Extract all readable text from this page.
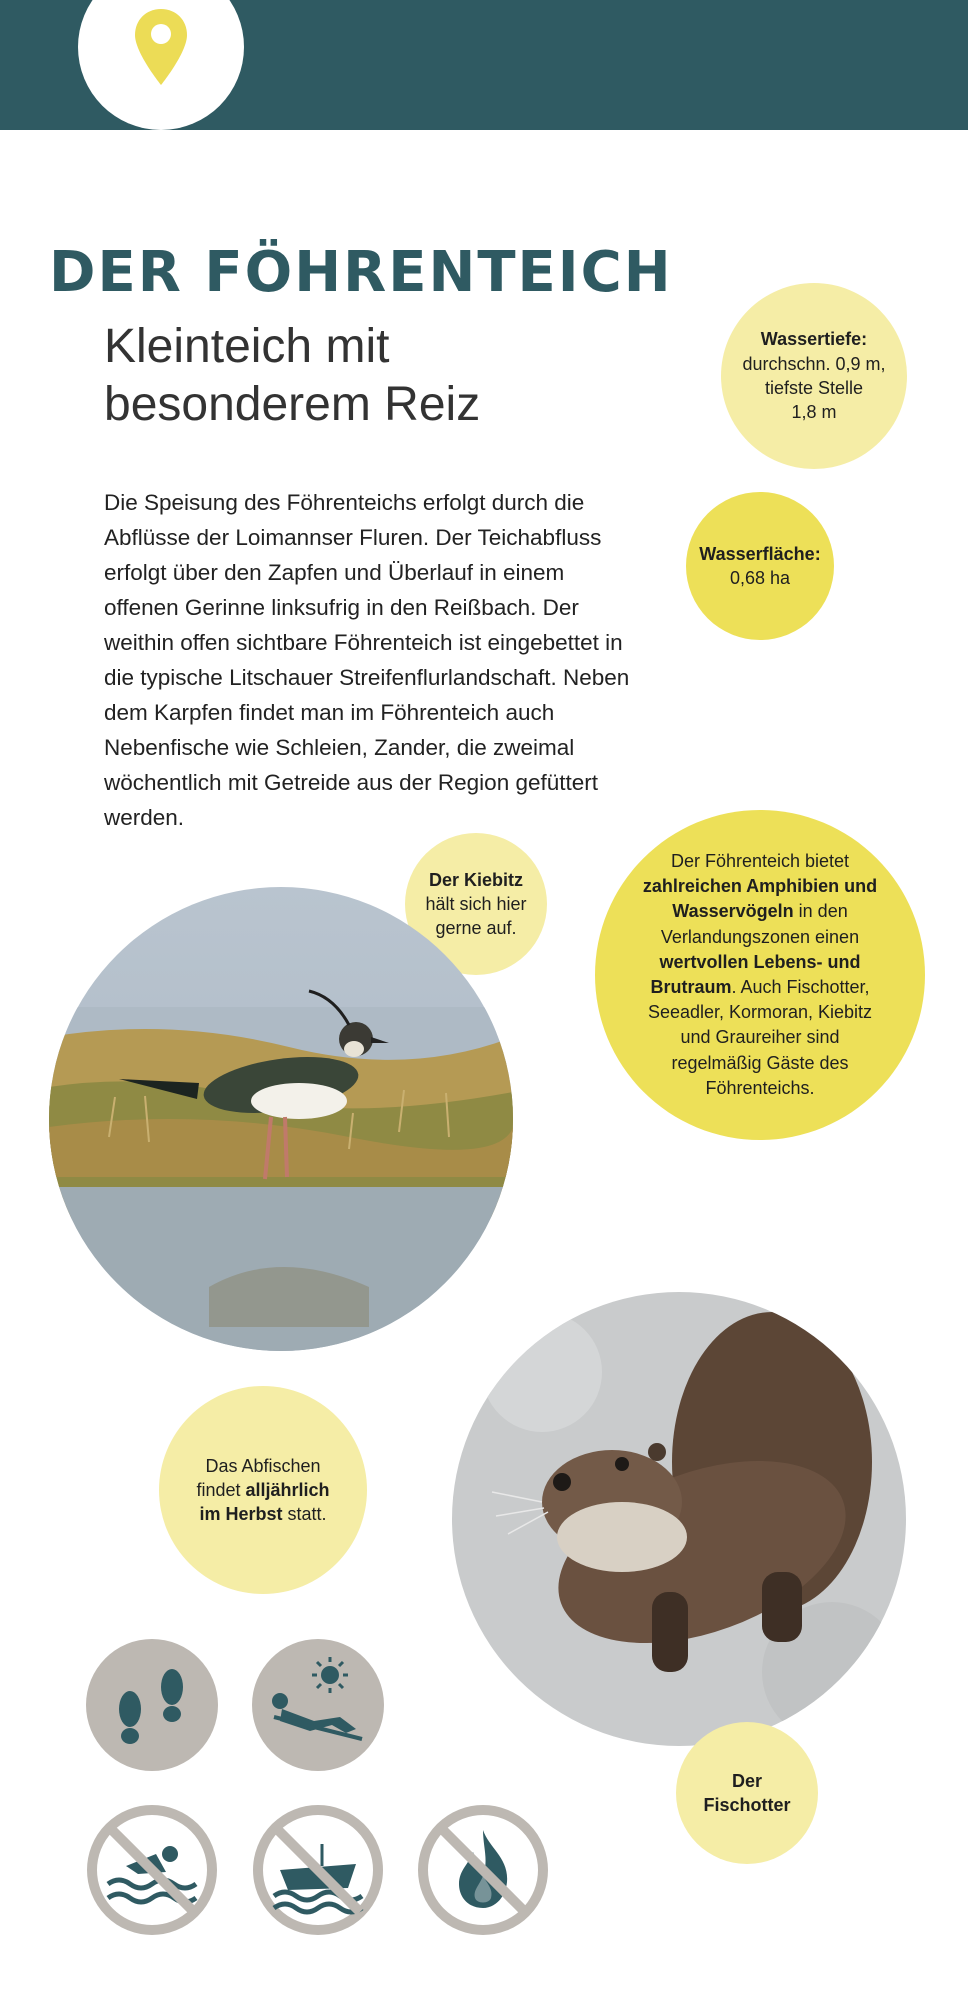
DER FÖHRENTEICH
Kleinteich mit
besonderem Reiz

Die Speisung des Föhrenteichs erfolgt durch die Abflüsse der Loimannser Fluren. Der Teichabfluss erfolgt über den Zapfen und Überlauf in einem offenen Gerinne linksufrig in den Reißbach. Der weithin offen sichtbare Föhrenteich ist eingebettet in die typische Litschauer Streifenflurlandschaft. Neben dem Karpfen findet man im Föhrenteich auch Nebenfische wie Schleien, Zander, die zweimal wöchentlich mit Getreide aus der Region gefüttert werden.

Wassertiefe:
durchschn. 0,9 m,
tiefste Stelle
1,8 m
Wasserfläche:
0,68 ha
Der Kiebitz
hält sich hier
gerne auf.
Der Föhrenteich bietet zahlreichen Amphibien und Wasservögeln in den Verlandungszonen einen wertvollen Lebens- und Brutraum. Auch Fischotter, Seeadler, Kormoran, Kiebitz und Graureiher sind regelmäßig Gäste des Föhrenteichs.
Das Abfischen findet alljährlich im Herbst statt.
Der
Fischotter
